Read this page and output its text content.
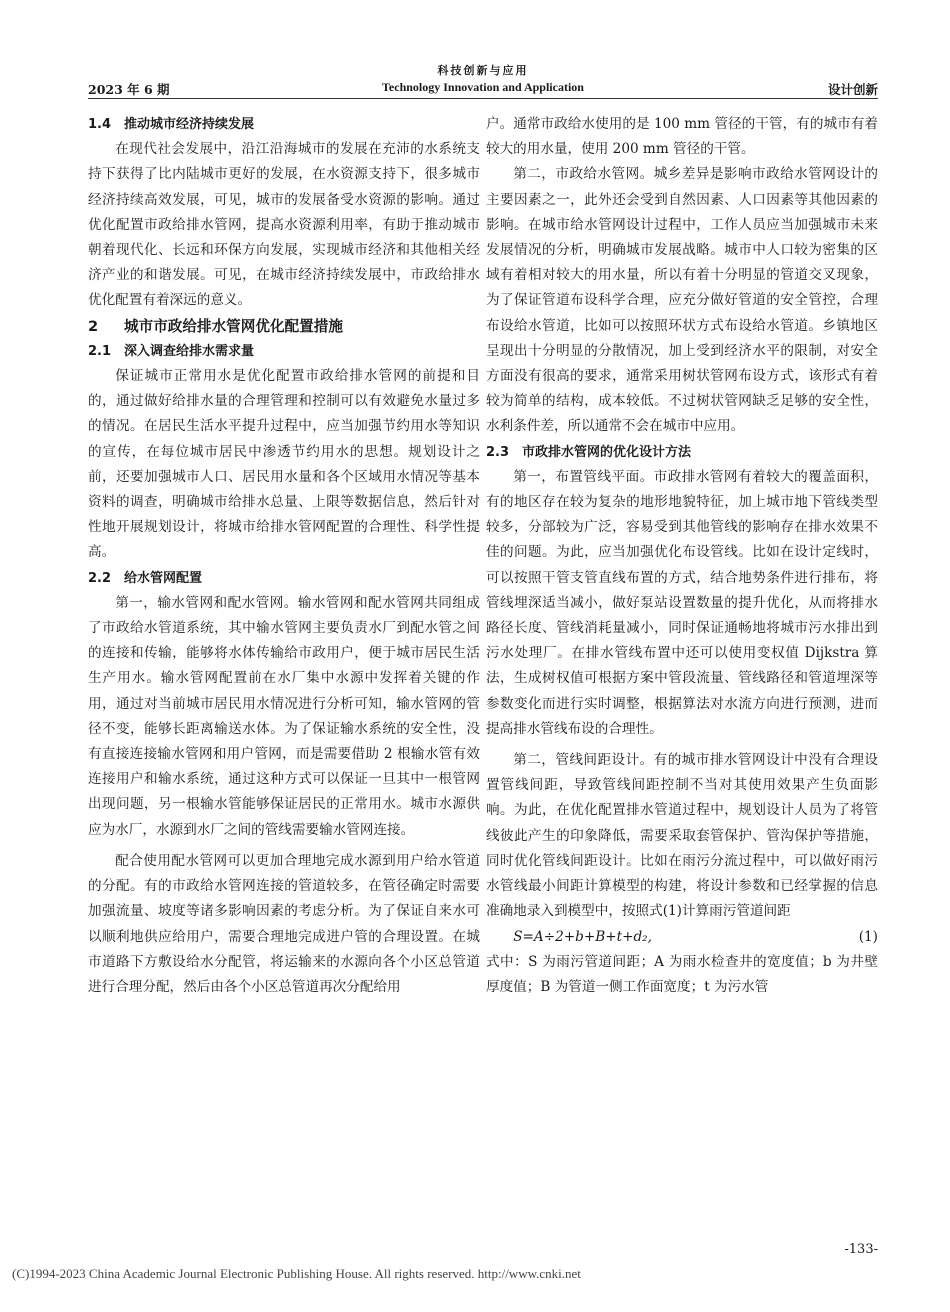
科技创新与应用
2023 年 6 期	Technology Innovation and Application	设计创新

1.4 推动城市经济持续发展

在现代社会发展中，沿江沿海城市的发展在充沛的水系统支持下获得了比内陆城市更好的发展，在水资源支持下，很多城市经济持续高效发展，可见，城市的发展备受水资源的影响。通过优化配置市政给排水管网，提高水资源利用率，有助于推动城市朝着现代化、长远和环保方向发展，实现城市经济和其他相关经济产业的和谐发展。可见，在城市经济持续发展中，市政给排水优化配置有着深远的意义。

2 城市市政给排水管网优化配置措施

2.1 深入调查给排水需求量

保证城市正常用水是优化配置市政给排水管网的前提和目的，通过做好给排水量的合理管理和控制可以有效避免水量过多的情况。在居民生活水平提升过程中，应当加强节约用水等知识的宣传，在每位城市居民中渗透节约用水的思想。规划设计之前，还要加强城市人口、居民用水量和各个区域用水情况等基本资料的调查，明确城市给排水总量、上限等数据信息，然后针对性地开展规划设计，将城市给排水管网配置的合理性、科学性提高。

2.2 给水管网配置

第一，输水管网和配水管网。输水管网和配水管网共同组成了市政给水管道系统，其中输水管网主要负责水厂到配水管之间的连接和传输，能够将水体传输给市政用户，便于城市居民生活生产用水。输水管网配置前在水厂集中水源中发挥着关键的作用，通过对当前城市居民用水情况进行分析可知，输水管网的管径不变，能够长距离输送水体。为了保证输水系统的安全性，没有直接连接输水管网和用户管网，而是需要借助 2 根输水管有效连接用户和输水系统，通过这种方式可以保证一旦其中一根管网出现问题，另一根输水管能够保证居民的正常用水。城市水源供应为水厂，水源到水厂之间的管线需要输水管网连接。

配合使用配水管网可以更加合理地完成水源到用户给水管道的分配。有的市政给水管网连接的管道较多，在管径确定时需要加强流量、坡度等诸多影响因素的考虑分析。为了保证自来水可以顺利地供应给用户，需要合理地完成进户管的合理设置。在城市道路下方敷设给水分配管，将运输来的水源向各个小区总管道进行合理分配，然后由各个小区总管道再次分配给用

户。通常市政给水使用的是 100 mm 管径的干管，有的城市有着较大的用水量，使用 200 mm 管径的干管。

第二，市政给水管网。城乡差异是影响市政给水管网设计的主要因素之一，此外还会受到自然因素、人口因素等其他因素的影响。在城市给水管网设计过程中，工作人员应当加强城市未来发展情况的分析，明确城市发展战略。城市中人口较为密集的区域有着相对较大的用水量，所以有着十分明显的管道交叉现象，为了保证管道布设科学合理，应充分做好管道的安全管控，合理布设给水管道，比如可以按照环状方式布设给水管道。乡镇地区呈现出十分明显的分散情况，加上受到经济水平的限制，对安全方面没有很高的要求，通常采用树状管网布设方式，该形式有着较为简单的结构，成本较低。不过树状管网缺乏足够的安全性，水利条件差，所以通常不会在城市中应用。

2.3 市政排水管网的优化设计方法

第一，布置管线平面。市政排水管网有着较大的覆盖面积，有的地区存在较为复杂的地形地貌特征，加上城市地下管线类型较多，分部较为广泛，容易受到其他管线的影响存在排水效果不佳的问题。为此，应当加强优化布设管线。比如在设计定线时，可以按照干管支管直线布置的方式，结合地势条件进行排布，将管线埋深适当减小，做好泵站设置数量的提升优化，从而将排水路径长度、管线消耗量减小，同时保证通畅地将城市污水排出到污水处理厂。在排水管线布置中还可以使用变权值 Dijkstra 算法，生成树权值可根据方案中管段流量、管线路径和管道埋深等参数变化而进行实时调整，根据算法对水流方向进行预测，进而提高排水管线布设的合理性。

第二，管线间距设计。有的城市排水管网设计中没有合理设置管线间距，导致管线间距控制不当对其使用效果产生负面影响。为此，在优化配置排水管道过程中，规划设计人员为了将管线彼此产生的印象降低，需要采取套管保护、管沟保护等措施，同时优化管线间距设计。比如在雨污分流过程中，可以做好雨污水管线最小间距计算模型的构建，将设计参数和已经掌握的信息准确地录入到模型中，按照式(1)计算雨污管道间距

S=A÷2+b+B+t+d₂,	(1)

式中：S 为雨污管道间距；A 为雨水检查井的宽度值；b 为井壁厚度值；B 为管道一侧工作面宽度；t 为污水管

-133-
(C)1994-2023 China Academic Journal Electronic Publishing House. All rights reserved. http://www.cnki.net
